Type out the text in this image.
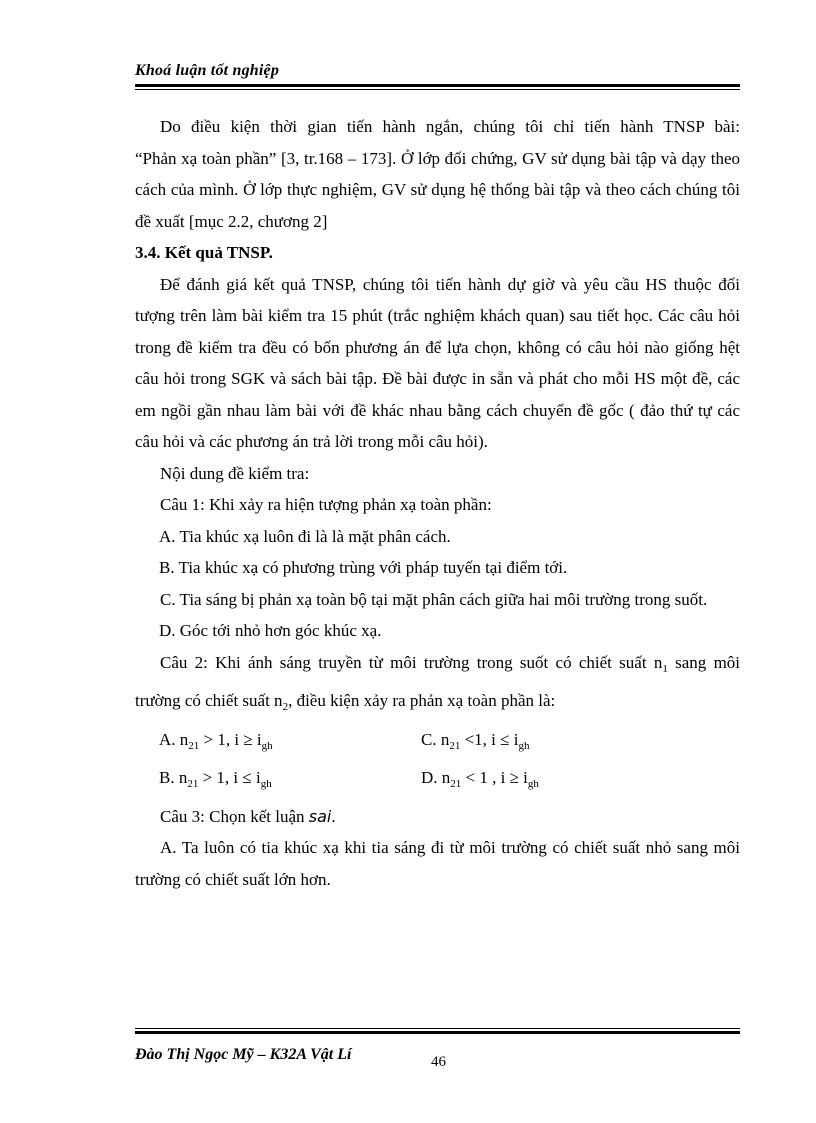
Khoá luận tốt nghiệp

Do điều kiện thời gian tiến hành ngắn, chúng tôi chỉ tiến hành TNSP bài:

“Phản xạ toàn phần” [3, tr.168 – 173]. Ở lớp đối chứng, GV sử dụng bài tập và dạy theo cách của mình. Ở lớp thực nghiệm, GV sử dụng hệ thống bài tập và theo cách chúng tôi đề xuất [mục 2.2, chương 2]

3.4. Kết quả TNSP.

Để đánh giá kết quả TNSP, chúng tôi tiến hành dự giờ và yêu cầu HS thuộc đối tượng trên làm bài kiểm tra 15 phút (trắc nghiệm khách quan) sau tiết học. Các câu hỏi trong đề kiểm tra đều có bốn phương án để lựa chọn, không có câu hỏi nào giống hệt câu hỏi trong SGK và sách bài tập. Đề bài được in sẵn và phát cho mỗi HS một đề, các em ngồi gần nhau làm bài với đề khác nhau bằng cách chuyển đề gốc ( đảo thứ tự các câu hỏi và các phương án trả lời trong mỗi câu hỏi).

Nội dung đề kiểm tra:

Câu 1: Khi xảy ra hiện tượng phản xạ toàn phần:

A. Tia khúc xạ luôn đi là là mặt phân cách.

B. Tia khúc xạ có phương trùng với pháp tuyến tại điểm tới.

C. Tia sáng bị phản xạ toàn bộ tại mặt phân cách giữa hai môi trường trong suốt.

D. Góc tới nhỏ hơn góc khúc xạ.

Câu 2: Khi ánh sáng truyền từ môi trường trong suốt có chiết suất $n_1$ sang môi trường có chiết suất $n_2$, điều kiện xảy ra phản xạ toàn phần là:

A. $n_{21} > 1$, $i \ge i_{gh}$	C. $n_{21} <1$, $i \le i_{gh}$
B. $n_{21} > 1$, $i \le i_{gh}$	D. $n_{21} < 1$ , $i \ge i_{gh}$

Câu 3: Chọn kết luận sai.

A. Ta luôn có tia khúc xạ khi tia sáng đi từ môi trường có chiết suất nhỏ sang môi trường có chiết suất lớn hơn.

Đào Thị Ngọc Mỹ – K32A Vật Lí	46
